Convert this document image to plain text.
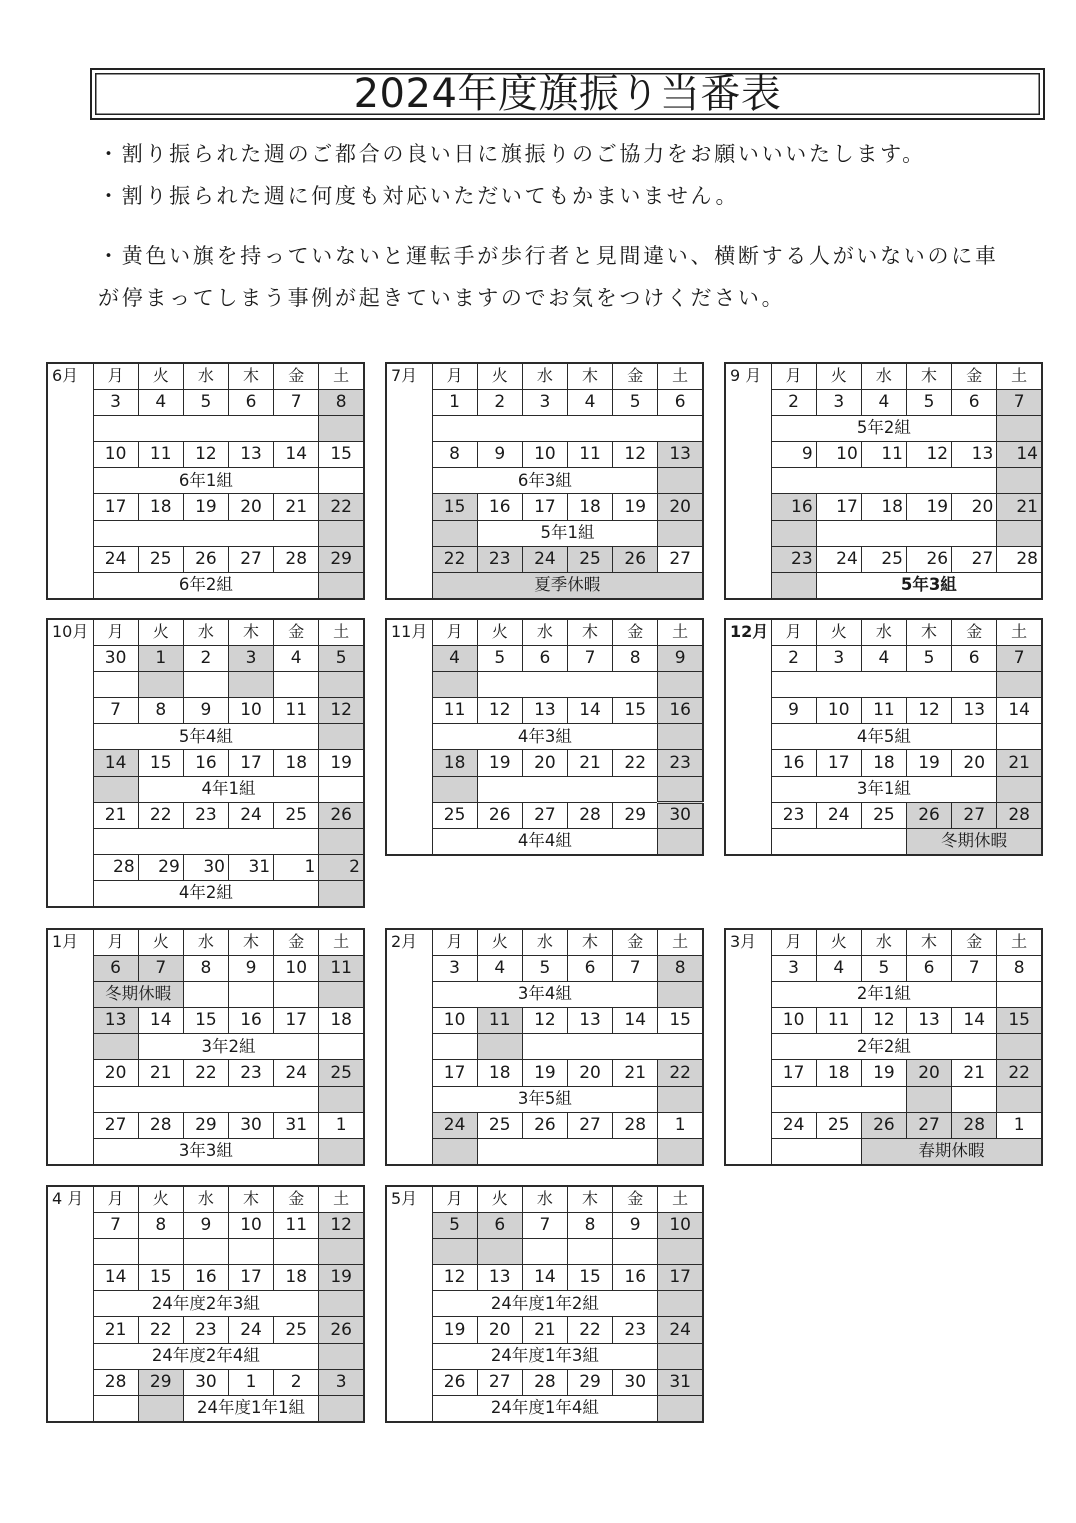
2024年度旗振り当番表
・割り振られた週のご都合の良い日に旗振りのご協力をお願いいいたします。
・割り振られた週に何度も対応いただいてもかまいません。
・黄色い旗を持っていないと運転手が歩行者と見間違い、横断する人がいないのに車
が停まってしまう事例が起きていますのでお気をつけください。
6月	月	火	水	木	金	土
	3	4	5	6	7	8

	10	11	12	13	14	15
	6年1組					
	17	18	19	20	21	22

	24	25	26	27	28	29
	6年2組					
7月	月	火	水	木	金	土
	1	2	3	4	5	6

	8	9	10	11	12	13
	6年3組					
	15	16	17	18	19	20
		5年1組				
	22	23	24	25	26	27
	夏季休暇					
9 月	月	火	水	木	金	土
	2	3	4	5	6	7
	5年2組					
	9	10	11	12	13	14

	16	17	18	19	20	21

	23	24	25	26	27	28
		5年3組				
10月	月	火	水	木	金	土
	30	1	2	3	4	5

	7	8	9	10	11	12
	5年4組					
	14	15	16	17	18	19
		4年1組				
	21	22	23	24	25	26

	28	29	30	31	1	2
	4年2組					
11月	月	火	水	木	金	土
	4	5	6	7	8	9

	11	12	13	14	15	16
	4年3組					
	18	19	20	21	22	23

	25	26	27	28	29	30
	4年4組					
12月	月	火	水	木	金	土
	2	3	4	5	6	7

	9	10	11	12	13	14
	4年5組					
	16	17	18	19	20	21
	3年1組					
	23	24	25	26	27	28
				冬期休暇		
1月	月	火	水	木	金	土
	6	7	8	9	10	11
	冬期休暇					
	13	14	15	16	17	18
		3年2組				
	20	21	22	23	24	25

	27	28	29	30	31	1
	3年3組					
2月	月	火	水	木	金	土
	3	4	5	6	7	8
	3年4組					
	10	11	12	13	14	15

	17	18	19	20	21	22
	3年5組					
	24	25	26	27	28	1

3月	月	火	水	木	金	土
	3	4	5	6	7	8
	2年1組					
	10	11	12	13	14	15
	2年2組					
	17	18	19	20	21	22

	24	25	26	27	28	1
			春期休暇			
4 月	月	火	水	木	金	土
	7	8	9	10	11	12

	14	15	16	17	18	19
	24年度2年3組					
	21	22	23	24	25	26
	24年度2年4組					
	28	29	30	1	2	3
			24年度1年1組			
5月	月	火	水	木	金	土
	5	6	7	8	9	10

	12	13	14	15	16	17
	24年度1年2組					
	19	20	21	22	23	24
	24年度1年3組					
	26	27	28	29	30	31
	24年度1年4組					
